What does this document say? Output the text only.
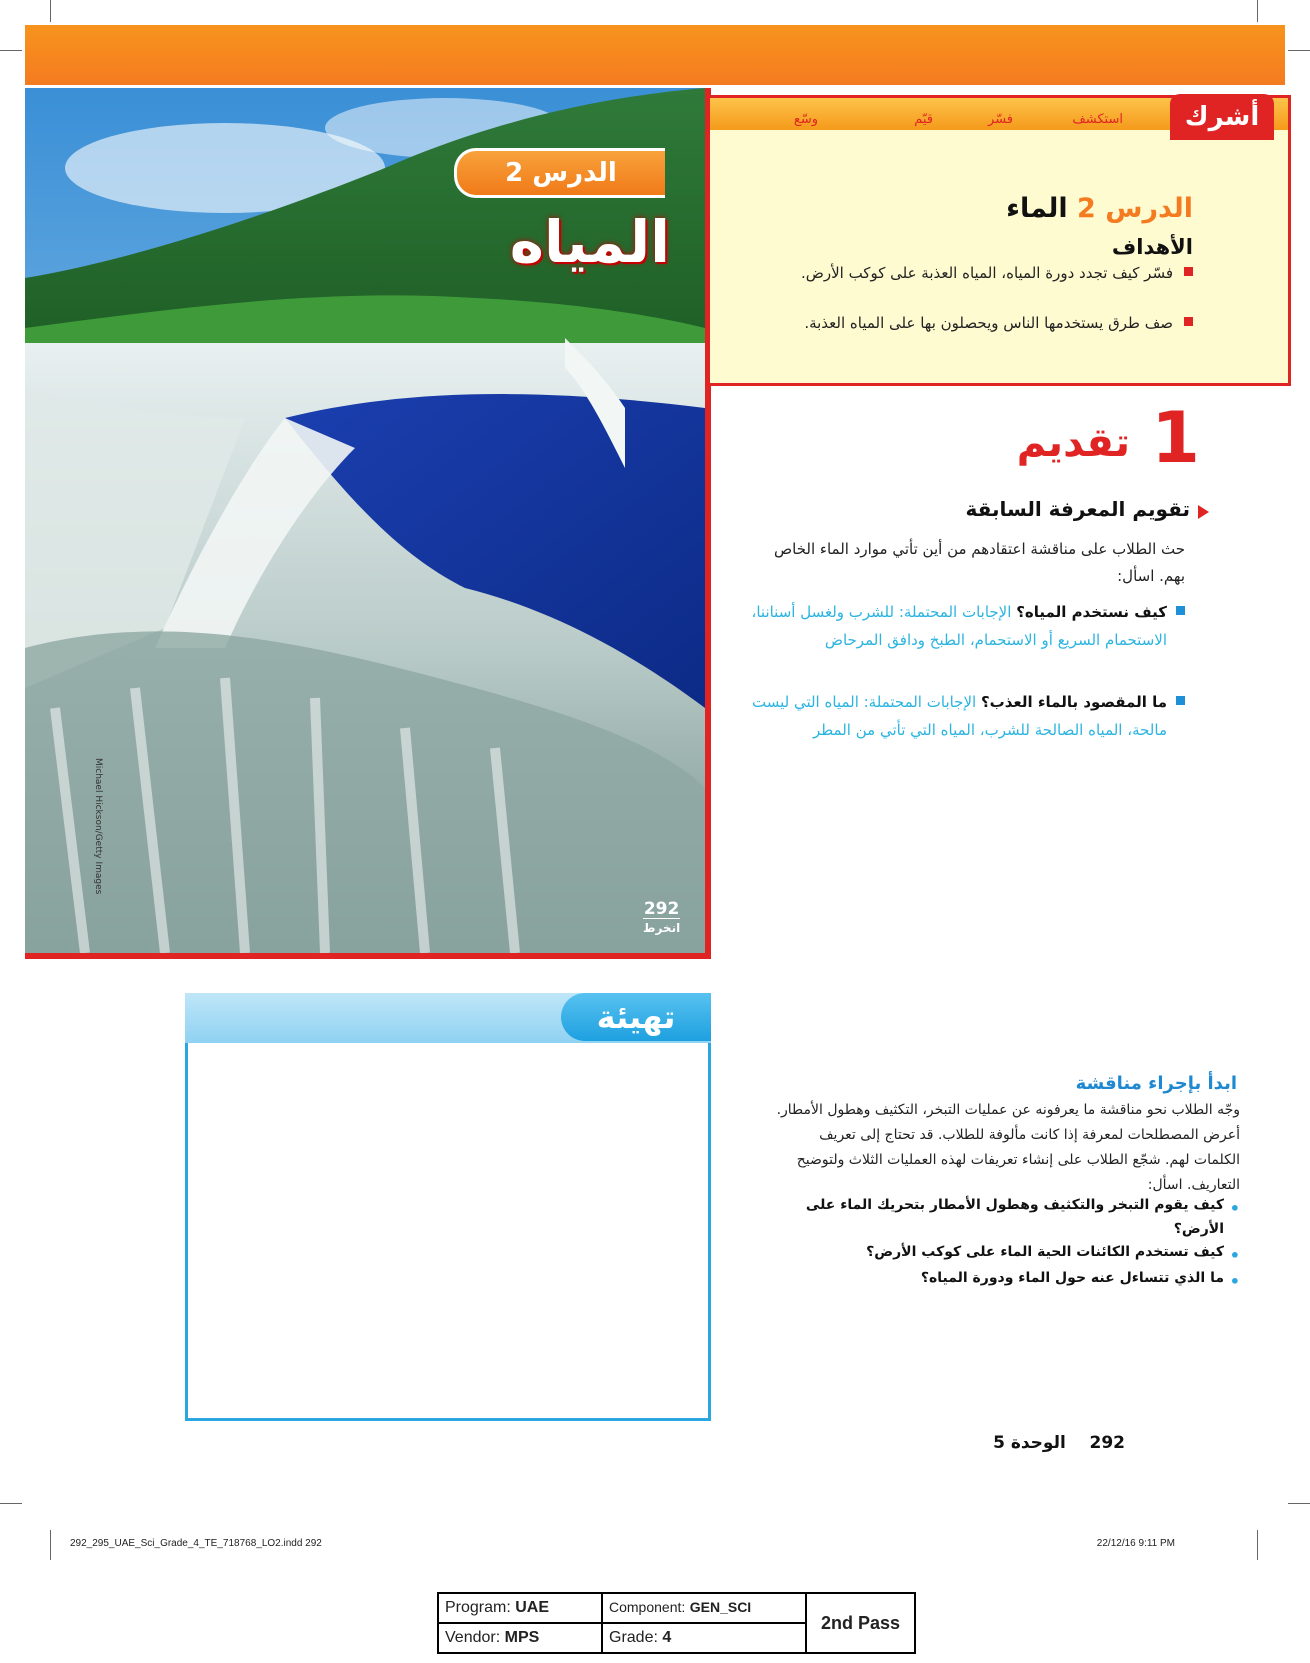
الدرس 2
المياه
Michael Hickson/Getty Images
292
انخرط
أشرك
استكشف
فسّر
قيّم
وسّع
الدرس 2 الماء
الأهداف
فسّر كيف تجدد دورة المياه، المياه العذبة على كوكب الأرض.
صف طرق يستخدمها الناس ويحصلون بها على المياه العذبة.
1
تقديم
تقويم المعرفة السابقة
حث الطلاب على مناقشة اعتقادهم من أين تأتي موارد الماء الخاص بهم. اسأل:
كيف نستخدم المياه؟ الإجابات المحتملة: للشرب ولغسل أسناننا، الاستحمام السريع أو الاستحمام، الطبخ ودافق المرحاض
ما المقصود بالماء العذب؟ الإجابات المحتملة: المياه التي ليست مالحة، المياه الصالحة للشرب، المياه التي تأتي من المطر
تهيئة
ابدأ بإجراء مناقشة
وجّه الطلاب نحو مناقشة ما يعرفونه عن عمليات التبخر، التكثيف وهطول الأمطار. أعرض المصطلحات لمعرفة إذا كانت مألوفة للطلاب. قد تحتاج إلى تعريف الكلمات لهم. شجّع الطلاب على إنشاء تعريفات لهذه العمليات الثلاث ولتوضيح التعاريف. اسأل:
•
كيف يقوم التبخر والتكثيف وهطول الأمطار بتحريك الماء على الأرض؟
•
كيف تستخدم الكائنات الحية الماء على كوكب الأرض؟
•
ما الذي تتساءل عنه حول الماء ودورة المياه؟
292    الوحدة 5
292_295_UAE_Sci_Grade_4_TE_718768_LO2.indd 292	22/12/16 9:11 PM
Program: UAE	Component: GEN_SCI	2nd Pass
Vendor: MPS	Grade: 4	
